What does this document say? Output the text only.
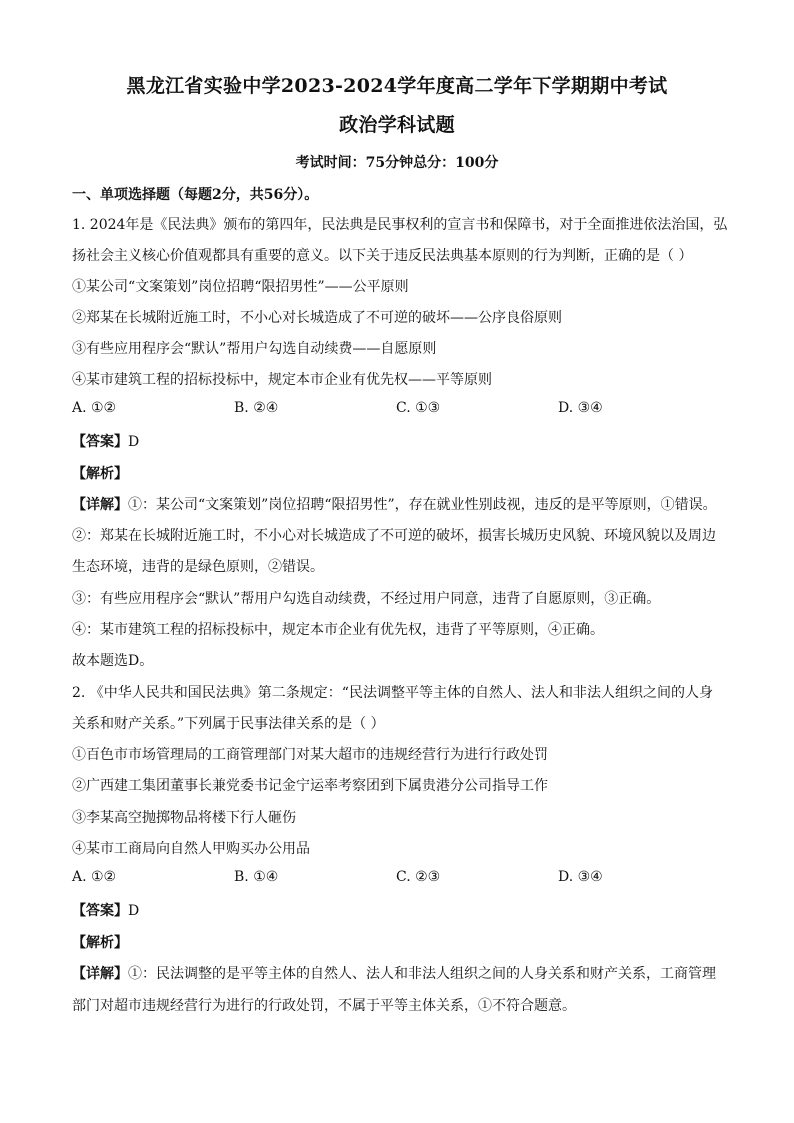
黑龙江省实验中学2023-2024学年度高二学年下学期期中考试
政治学科试题
考试时间：75分钟总分：100分
一、单项选择题（每题2分，共56分）。
1. 2024年是《民法典》颁布的第四年，民法典是民事权利的宣言书和保障书，对于全面推进依法治国，弘
扬社会主义核心价值观都具有重要的意义。以下关于违反民法典基本原则的行为判断，正确的是（ ）
①某公司“文案策划”岗位招聘“限招男性”——公平原则
②郑某在长城附近施工时，不小心对长城造成了不可逆的破坏——公序良俗原则
③有些应用程序会“默认”帮用户勾选自动续费——自愿原则
④某市建筑工程的招标投标中，规定本市企业有优先权——平等原则
A. ①②	B. ②④	C. ①③	D. ③④
【答案】D
【解析】
【详解】①：某公司“文案策划”岗位招聘“限招男性”，存在就业性别歧视，违反的是平等原则，①错误。
②：郑某在长城附近施工时，不小心对长城造成了不可逆的破坏，损害长城历史风貌、环境风貌以及周边
生态环境，违背的是绿色原则，②错误。
③：有些应用程序会“默认”帮用户勾选自动续费，不经过用户同意，违背了自愿原则，③正确。
④：某市建筑工程的招标投标中，规定本市企业有优先权，违背了平等原则，④正确。
故本题选D。
2. 《中华人民共和国民法典》第二条规定：“民法调整平等主体的自然人、法人和非法人组织之间的人身
关系和财产关系。”下列属于民事法律关系的是（ ）
①百色市市场管理局的工商管理部门对某大超市的违规经营行为进行行政处罚
②广西建工集团董事长兼党委书记金宁运率考察团到下属贵港分公司指导工作
③李某高空抛掷物品将楼下行人砸伤
④某市工商局向自然人甲购买办公用品
A. ①②	B. ①④	C. ②③	D. ③④
【答案】D
【解析】
【详解】①：民法调整的是平等主体的自然人、法人和非法人组织之间的人身关系和财产关系，工商管理
部门对超市违规经营行为进行的行政处罚，不属于平等主体关系，①不符合题意。
